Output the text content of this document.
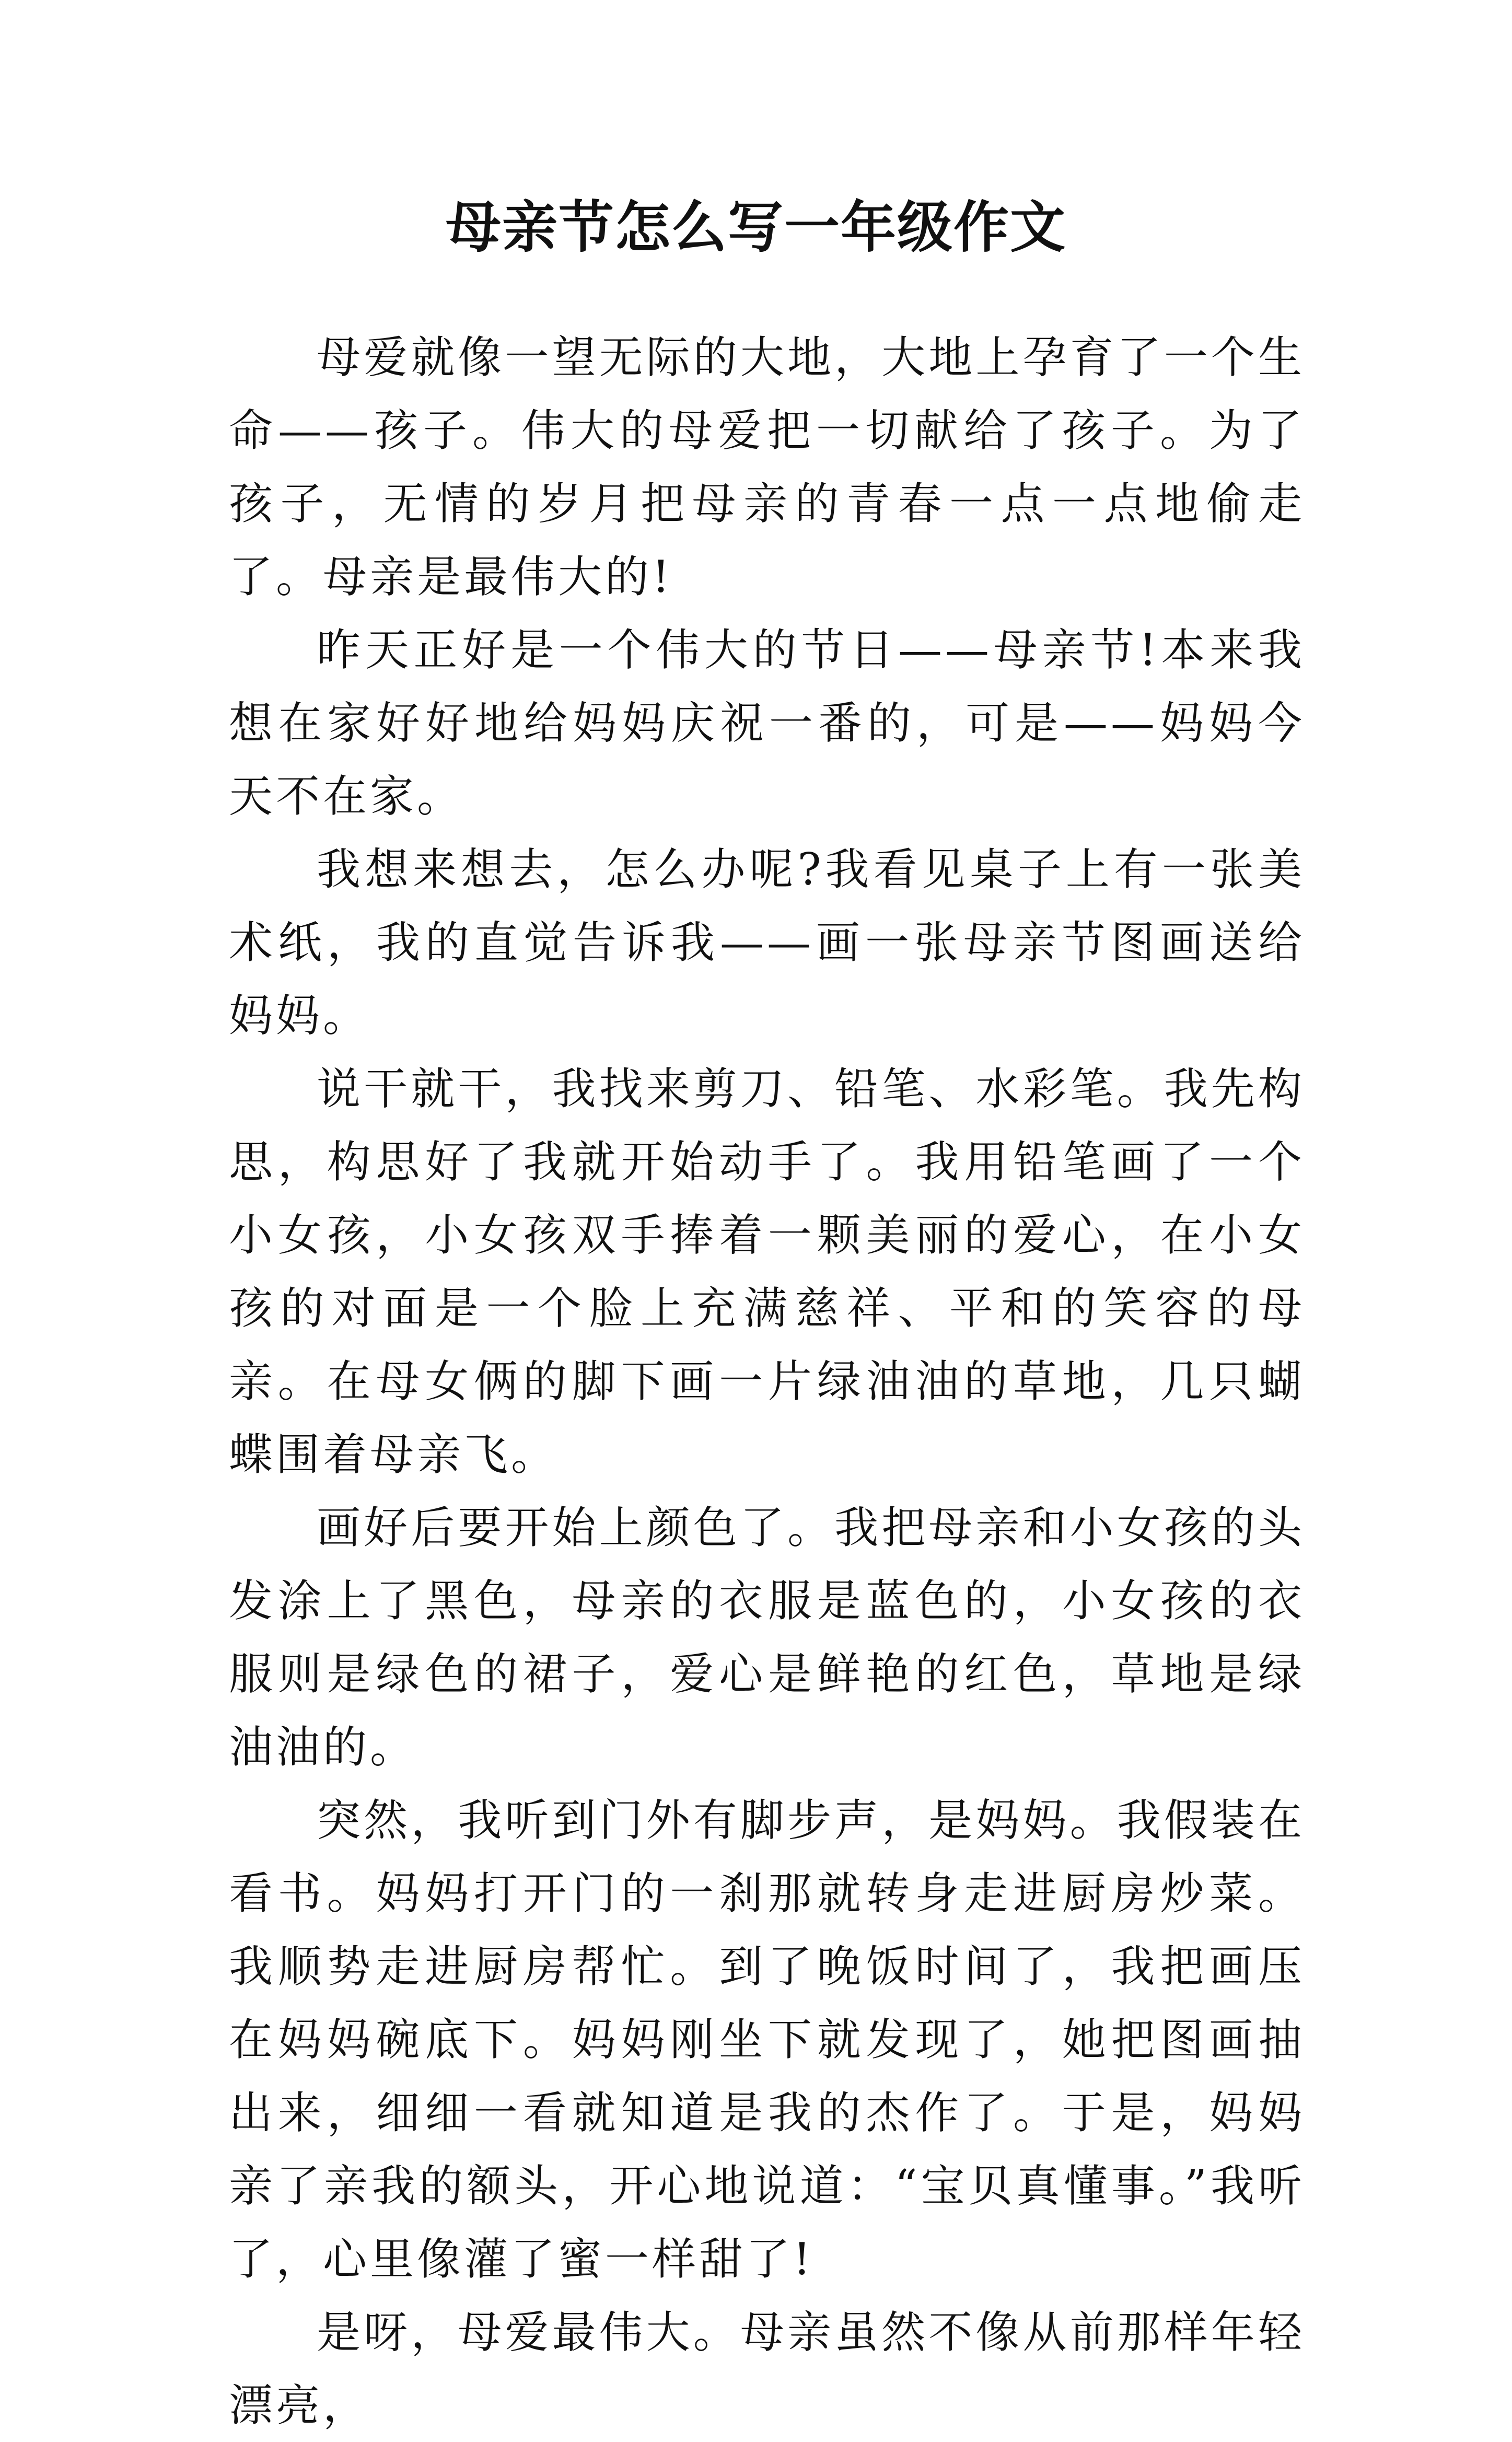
母亲节怎么写一年级作文

母爱就像一望无际的大地，大地上孕育了一个生命——孩子。伟大的母爱把一切献给了孩子。为了孩子，无情的岁月把母亲的青春一点一点地偷走了。母亲是最伟大的!

昨天正好是一个伟大的节日——母亲节!本来我想在家好好地给妈妈庆祝一番的，可是——妈妈今天不在家。

我想来想去，怎么办呢?我看见桌子上有一张美术纸，我的直觉告诉我——画一张母亲节图画送给妈妈。

说干就干，我找来剪刀、铅笔、水彩笔。我先构思，构思好了我就开始动手了。我用铅笔画了一个小女孩，小女孩双手捧着一颗美丽的爱心，在小女孩的对面是一个脸上充满慈祥、平和的笑容的母亲。在母女俩的脚下画一片绿油油的草地，几只蝴蝶围着母亲飞。

画好后要开始上颜色了。我把母亲和小女孩的头发涂上了黑色，母亲的衣服是蓝色的，小女孩的衣服则是绿色的裙子，爱心是鲜艳的红色，草地是绿油油的。

突然，我听到门外有脚步声，是妈妈。我假装在看书。妈妈打开门的一刹那就转身走进厨房炒菜。我顺势走进厨房帮忙。到了晚饭时间了，我把画压在妈妈碗底下。妈妈刚坐下就发现了，她把图画抽出来，细细一看就知道是我的杰作了。于是，妈妈亲了亲我的额头，开心地说道：“宝贝真懂事。”我听了，心里像灌了蜜一样甜了!

是呀，母爱最伟大。母亲虽然不像从前那样年轻漂亮，
